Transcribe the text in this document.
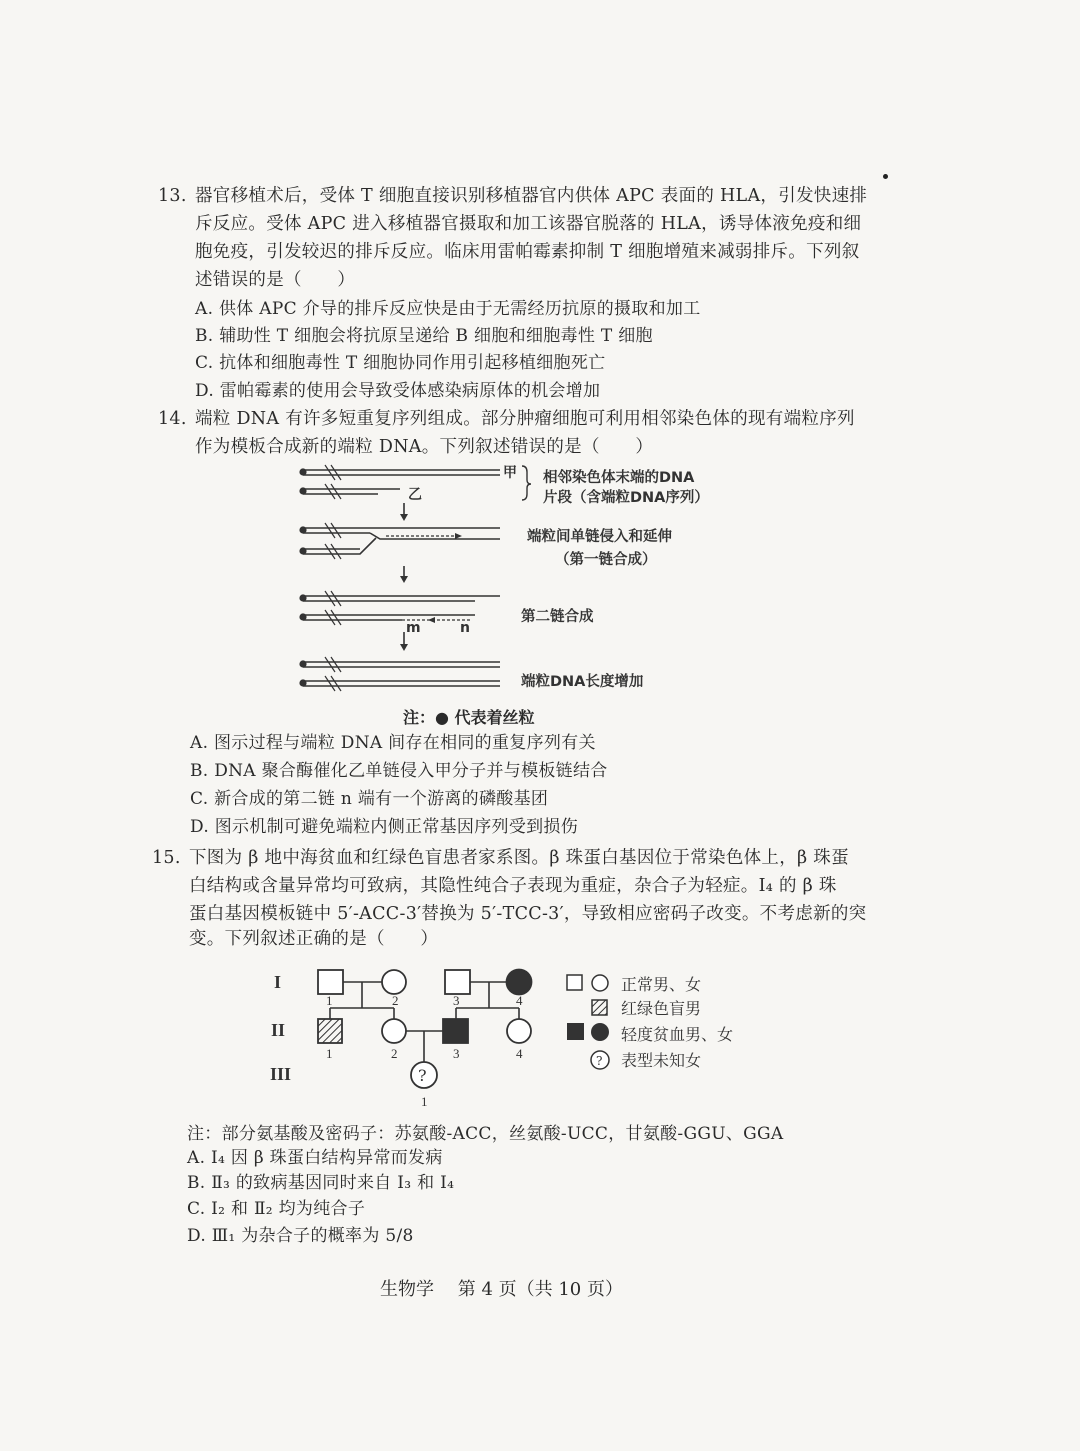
13. 器官移植术后，受体 T 细胞直接识别移植器官内供体 APC 表面的 HLA，引发快速排
斥反应。受体 APC 进入移植器官摄取和加工该器官脱落的 HLA，诱导体液免疫和细
胞免疫，引发较迟的排斥反应。临床用雷帕霉素抑制 T 细胞增殖来减弱排斥。下列叙
述错误的是（　　）
A. 供体 APC 介导的排斥反应快是由于无需经历抗原的摄取和加工
B. 辅助性 T 细胞会将抗原呈递给 B 细胞和细胞毒性 T 细胞
C. 抗体和细胞毒性 T 细胞协同作用引起移植细胞死亡
D. 雷帕霉素的使用会导致受体感染病原体的机会增加
14. 端粒 DNA 有许多短重复序列组成。部分肿瘤细胞可利用相邻染色体的现有端粒序列
作为模板合成新的端粒 DNA。下列叙述错误的是（　　）
甲
乙
m	n
相邻染色体末端的DNA
片段（含端粒DNA序列）
端粒间单链侵入和延伸
（第一链合成）
第二链合成
端粒DNA长度增加
注：● 代表着丝粒
A. 图示过程与端粒 DNA 间存在相同的重复序列有关
B. DNA 聚合酶催化乙单链侵入甲分子并与模板链结合
C. 新合成的第二链 n 端有一个游离的磷酸基团
D. 图示机制可避免端粒内侧正常基因序列受到损伤
15. 下图为 β 地中海贫血和红绿色盲患者家系图。β 珠蛋白基因位于常染色体上，β 珠蛋
白结构或含量异常均可致病，其隐性纯合子表现为重症，杂合子为轻症。Ⅰ₄ 的 β 珠
蛋白基因模板链中 5′-ACC-3′替换为 5′-TCC-3′，导致相应密码子改变。不考虑新的突
变。下列叙述正确的是（　　）
I
II
III
1	2	3	4
1	2	3	4
?
1
正常男、女
红绿色盲男
轻度贫血男、女
? 表型未知女
注：部分氨基酸及密码子：苏氨酸-ACC，丝氨酸-UCC，甘氨酸-GGU、GGA
A. Ⅰ₄ 因 β 珠蛋白结构异常而发病
B. Ⅱ₃ 的致病基因同时来自 Ⅰ₃ 和 Ⅰ₄
C. Ⅰ₂ 和 Ⅱ₂ 均为纯合子
D. Ⅲ₁ 为杂合子的概率为 5/8
生物学　 第 4 页（共 10 页）
